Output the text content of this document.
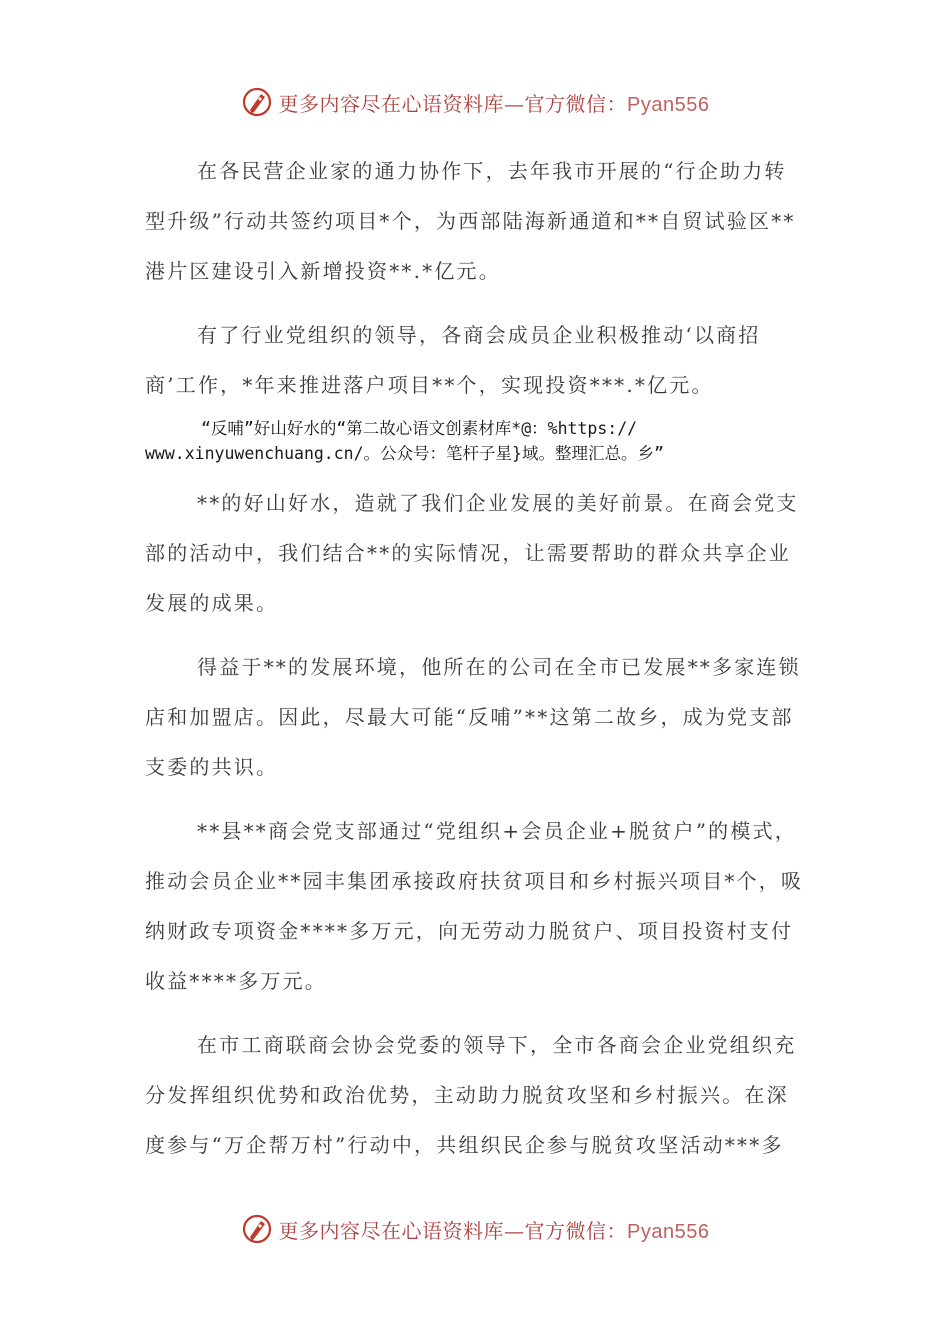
更多内容尽在心语资料库—官方微信：Pyan556

在各民营企业家的通力协作下，去年我市开展的“行企助力转型升级”行动共签约项目*个，为西部陆海新通道和**自贸试验区**港片区建设引入新增投资**.*亿元。

有了行业党组织的领导，各商会成员企业积极推动‘以商招商’工作，*年来推进落户项目**个，实现投资***.*亿元。

“反哺”好山好水的“第二故心语文创素材库*@：%https://
www.xinyuwenchuang.cn/。公众号：笔杆子星}域。整理汇总。乡”

**的好山好水，造就了我们企业发展的美好前景。在商会党支部的活动中，我们结合**的实际情况，让需要帮助的群众共享企业发展的成果。

得益于**的发展环境，他所在的公司在全市已发展**多家连锁店和加盟店。因此，尽最大可能“反哺”**这第二故乡，成为党支部支委的共识。

**县**商会党支部通过“党组织+会员企业+脱贫户”的模式，推动会员企业**园丰集团承接政府扶贫项目和乡村振兴项目*个，吸纳财政专项资金****多万元，向无劳动力脱贫户、项目投资村支付收益****多万元。

在市工商联商会协会党委的领导下，全市各商会企业党组织充分发挥组织优势和政治优势，主动助力脱贫攻坚和乡村振兴。在深度参与“万企帮万村”行动中，共组织民企参与脱贫攻坚活动***多

更多内容尽在心语资料库—官方微信：Pyan556
